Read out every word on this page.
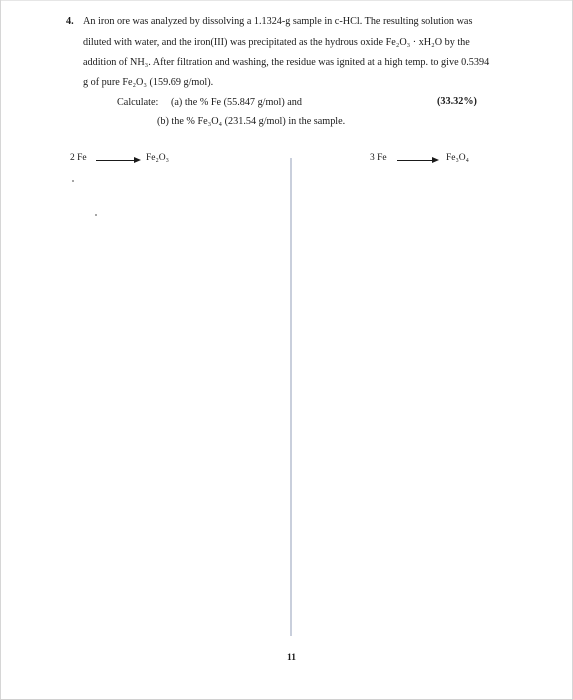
4. An iron ore was analyzed by dissolving a 1.1324-g sample in c-HCl. The resulting solution was
diluted with water, and the iron(III) was precipitated as the hydrous oxide Fe₂O₃ · xH₂O by the
addition of NH₃. After filtration and washing, the residue was ignited at a high temp. to give 0.5394
g of pure Fe₂O₃ (159.69 g/mol).
Calculate: (a) the % Fe (55.847 g/mol) and	(33.32%)
(b) the % Fe₃O₄ (231.54 g/mol) in the sample.
2 Fe	Fe₂O₃	3 Fe	Fe₃O₄
11
